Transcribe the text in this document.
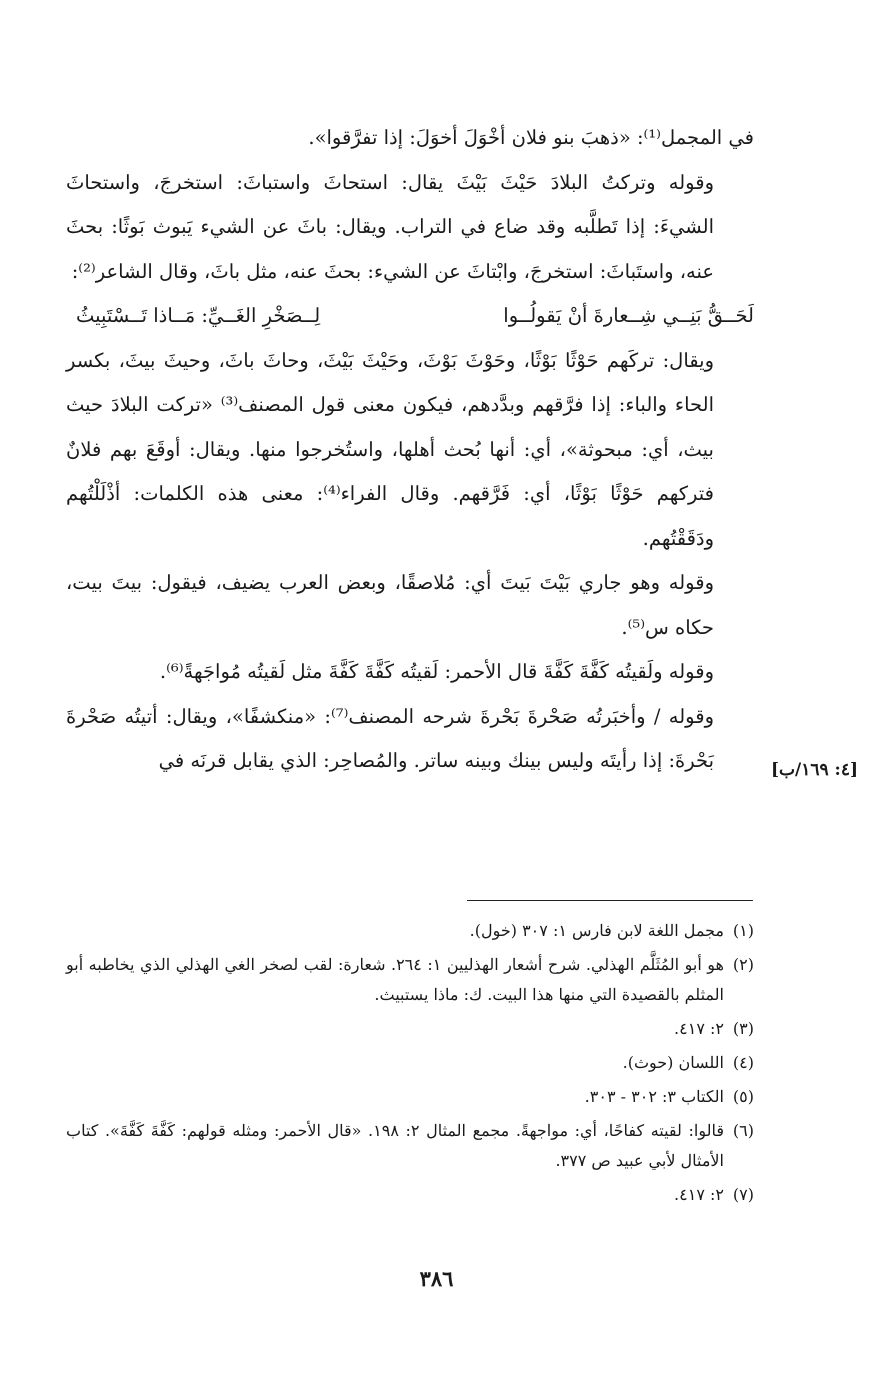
في المجمل⁽¹⁾: «ذهبَ بنو فلان أخْوَلَ أخوَلَ: إذا تفرَّقوا».

وقوله وتركتُ البلادَ حَيْثَ بَيْثَ يقال: استحاثَ واستباثَ: استخرجَ، واستحاثَ الشيءَ: إذا تَطلَّبه وقد ضاع في التراب. ويقال: باثَ عن الشيء يَبوث بَوثًا: بحثَ عنه، واستَباثَ: استخرجَ، وابْتاثَ عن الشيء: بحثَ عنه، مثل باثَ، وقال الشاعر⁽²⁾:

لَحَــقُّ بَنِــي شِــعارةَ أنْ يَقولُــوا
لِــصَخْرِ الغَــيِّ: مَــاذا تَــسْتَبِيثُ

ويقال: تركَهم حَوْثًا بَوْثًا، وحَوْثَ بَوْثَ، وحَيْثَ بَيْثَ، وحاثَ باثَ، وحيثَ بيثَ، بكسر الحاء والباء: إذا فرَّقهم وبدَّدهم، فيكون معنى قول المصنف⁽³⁾ «تركت البلادَ حيث بيث، أي: مبحوثة»، أي: أنها بُحث أهلها، واستُخرجوا منها. ويقال: أوقَعَ بهم فلانٌ فتركهم حَوْثًا بَوْثًا، أي: فَرَّقهم. وقال الفراء⁽⁴⁾: معنى هذه الكلمات: أذْلَلْتُهم ودَقَقْتُهم.

وقوله وهو جاري بَيْتَ بَيتَ أي: مُلاصقًا، وبعض العرب يضيف، فيقول: بيتَ بيت، حكاه س⁽⁵⁾.

وقوله ولَقيتُه كَفَّةَ كَفَّةَ قال الأحمر: لَقيتُه كَفَّةَ كَفَّةَ مثل لَقيتُه مُواجَهةً⁽⁶⁾.

وقوله / وأخبَرتُه صَحْرةَ بَحْرةَ شرحه المصنف⁽⁷⁾: «منكشفًا»، ويقال: أتيتُه صَحْرةَ بَحْرةَ: إذا رأيتَه وليس بينك وبينه ساتر. والمُصاحِر: الذي يقابل قرنَه في	[٤: ١٦٩/ب]

(١)مجمل اللغة لابن فارس ١: ٣٠٧ (خول).

(٢)هو أبو المُثَلَّم الهذلي. شرح أشعار الهذليين ١: ٢٦٤. شعارة: لقب لصخر الغي الهذلي الذي يخاطبه أبو المثلم بالقصيدة التي منها هذا البيت. ك: ماذا يستبيث.

(٣)٢: ٤١٧.

(٤)اللسان (حوث).

(٥)الكتاب ٣: ٣٠٢ - ٣٠٣.

(٦)قالوا: لقيته كفاحًا، أي: مواجهةً. مجمع المثال ٢: ١٩٨. «قال الأحمر: ومثله قولهم: كَفَّةَ كَفَّةَ». كتاب الأمثال لأبي عبيد ص ٣٧٧.

(٧)٢: ٤١٧.

٣٨٦
